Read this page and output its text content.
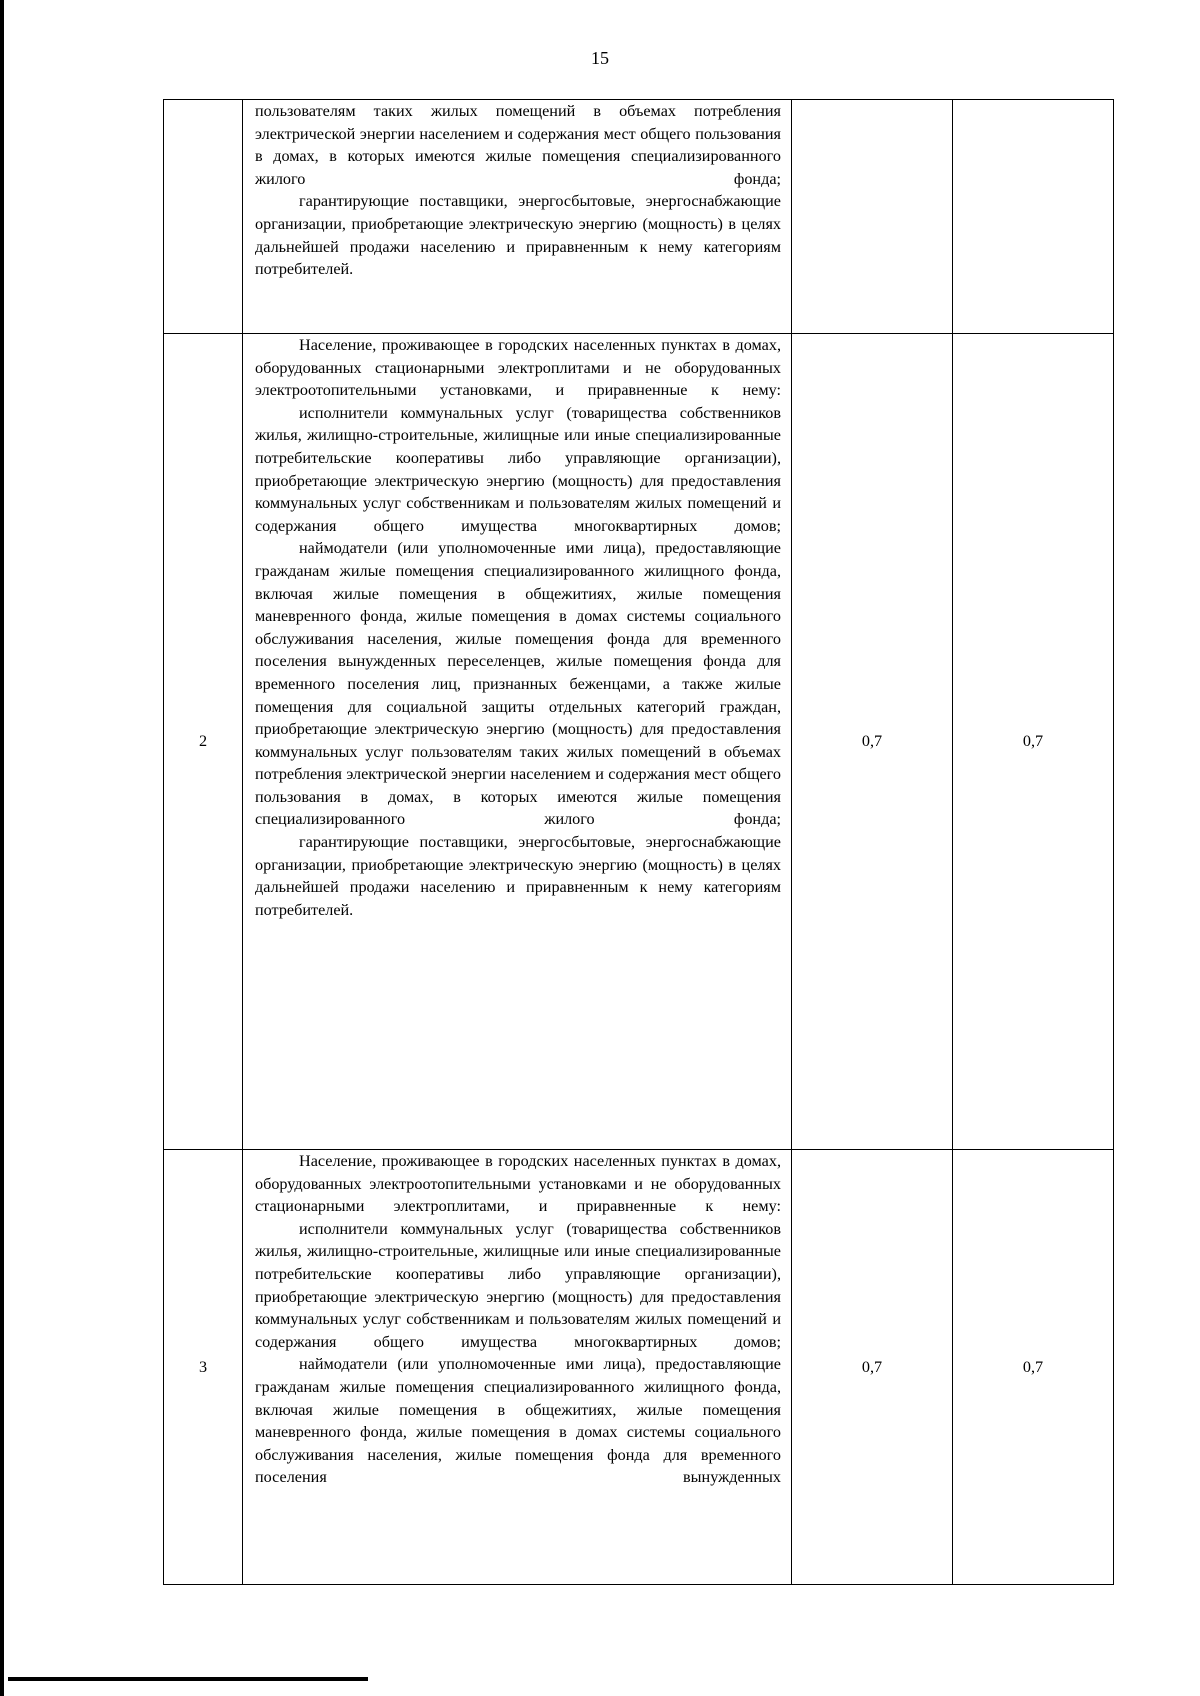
15

	пользователям таких жилых помещений в объемах потребления электрической энергии населением и содержания мест общего пользования в домах, в которых имеются жилые помещения специализированного жилого фонда;

гарантирующие поставщики, энергосбытовые, энергоснабжающие организации, приобретающие электрическую энергию (мощность) в целях дальнейшей продажи населению и приравненным к нему категориям потребителей.		

2	Население, проживающее в городских населенных пунктах в домах, оборудованных стационарными электроплитами и не оборудованных электроотопительными установками, и приравненные к нему:

исполнители коммунальных услуг (товарищества собственников жилья, жилищно-строительные, жилищные или иные специализированные потребительские кооперативы либо управляющие организации), приобретающие электрическую энергию (мощность) для предоставления коммунальных услуг собственникам и пользователям жилых помещений и содержания общего имущества многоквартирных домов;

наймодатели (или уполномоченные ими лица), предоставляющие гражданам жилые помещения специализированного жилищного фонда, включая жилые помещения в общежитиях, жилые помещения маневренного фонда, жилые помещения в домах системы социального обслуживания населения, жилые помещения фонда для временного поселения вынужденных переселенцев, жилые помещения фонда для временного поселения лиц, признанных беженцами, а также жилые помещения для социальной защиты отдельных категорий граждан, приобретающие электрическую энергию (мощность) для предоставления коммунальных услуг пользователям таких жилых помещений в объемах потребления электрической энергии населением и содержания мест общего пользования в домах, в которых имеются жилые помещения специализированного жилого фонда;

гарантирующие поставщики, энергосбытовые, энергоснабжающие организации, приобретающие электрическую энергию (мощность) в целях дальнейшей продажи населению и приравненным к нему категориям потребителей.	0,7	0,7
3	Население, проживающее в городских населенных пунктах в домах, оборудованных электроотопительными установками и не оборудованных стационарными электроплитами, и приравненные к нему:

исполнители коммунальных услуг (товарищества собственников жилья, жилищно-строительные, жилищные или иные специализированные потребительские кооперативы либо управляющие организации), приобретающие электрическую энергию (мощность) для предоставления коммунальных услуг собственникам и пользователям жилых помещений и содержания общего имущества многоквартирных домов;

наймодатели (или уполномоченные ими лица), предоставляющие гражданам жилые помещения специализированного жилищного фонда, включая жилые помещения в общежитиях, жилые помещения маневренного фонда, жилые помещения в домах системы социального обслуживания населения, жилые помещения фонда для временного поселения вынужденных	0,7	0,7
